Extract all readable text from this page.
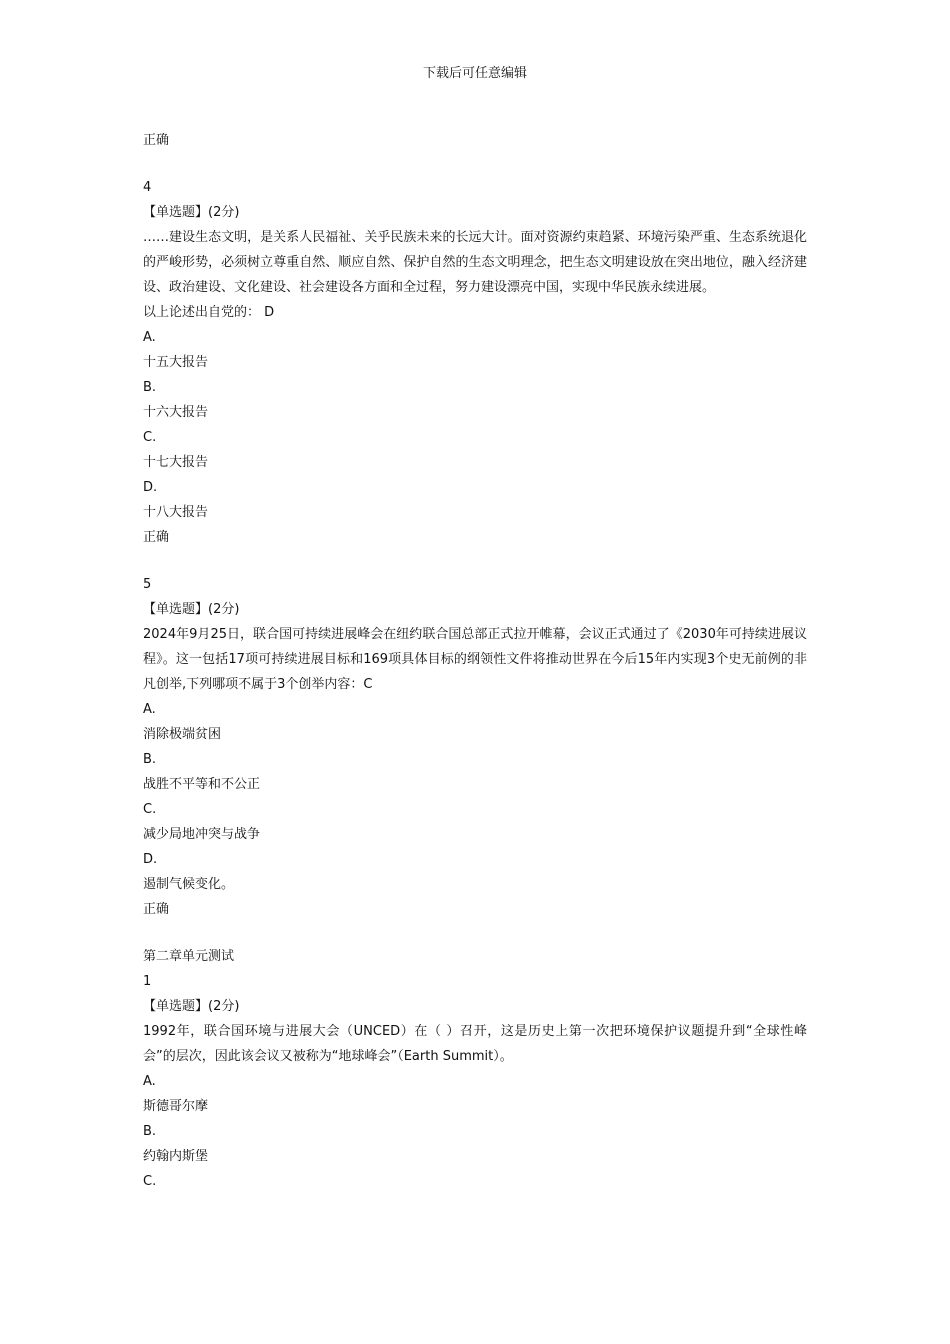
下载后可任意编辑
正确
4
【单选题】(2分)
……建设生态文明，是关系人民福祉、关乎民族未来的长远大计。面对资源约束趋紧、环境污染严重、生态系统退化的严峻形势，必须树立尊重自然、顺应自然、保护自然的生态文明理念，把生态文明建设放在突出地位，融入经济建设、政治建设、文化建设、社会建设各方面和全过程，努力建设漂亮中国，实现中华民族永续进展。
以上论述出自党的： D
A.
十五大报告
B.
十六大报告
C.
十七大报告
D.
十八大报告
正确
5
【单选题】(2分)
2024年9月25日，联合国可持续进展峰会在纽约联合国总部正式拉开帷幕，会议正式通过了《2030年可持续进展议程》。这一包括17项可持续进展目标和169项具体目标的纲领性文件将推动世界在今后15年内实现3个史无前例的非凡创举,下列哪项不属于3个创举内容：C
A.
消除极端贫困
B.
战胜不平等和不公正
C.
减少局地冲突与战争
D.
遏制气候变化。
正确
第二章单元测试
1
【单选题】(2分)
1992年，联合国环境与进展大会（UNCED）在（ ）召开，这是历史上第一次把环境保护议题提升到“全球性峰会”的层次，因此该会议又被称为“地球峰会”（Earth Summit）。
A.
斯德哥尔摩
B.
约翰内斯堡
C.
